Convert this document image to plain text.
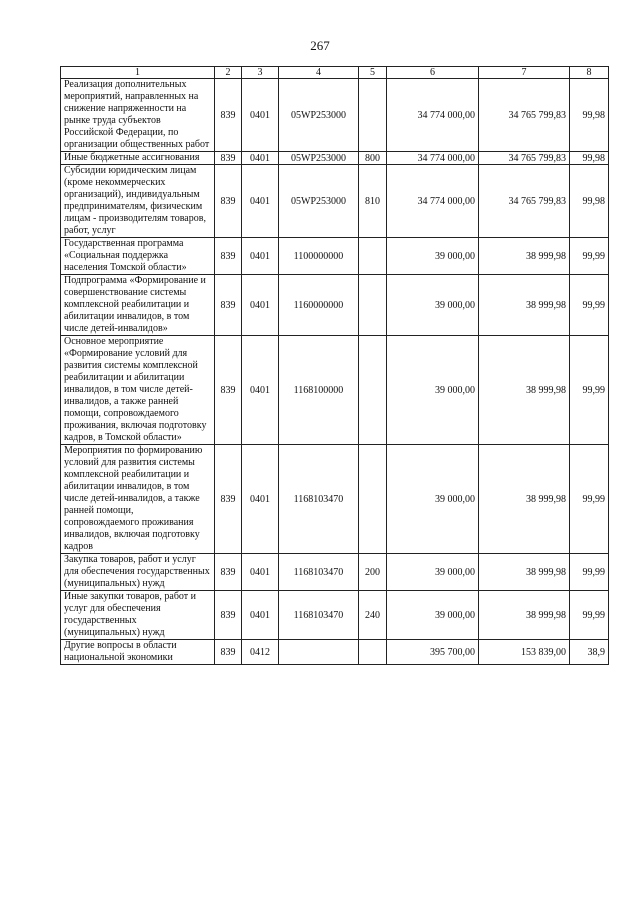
267
1	2	3	4	5	6	7	8
Реализация дополнительных мероприятий, направленных на снижение напряженности на рынке труда субъектов Российской Федерации, по организации общественных работ	839	0401	05WP253000		34 774 000,00	34 765 799,83	99,98
Иные бюджетные ассигнования	839	0401	05WP253000	800	34 774 000,00	34 765 799,83	99,98
Субсидии юридическим лицам (кроме некоммерческих организаций), индивидуальным предпринимателям, физическим лицам - производителям товаров, работ, услуг	839	0401	05WP253000	810	34 774 000,00	34 765 799,83	99,98
Государственная программа «Социальная поддержка населения Томской области»	839	0401	1100000000		39 000,00	38 999,98	99,99
Подпрограмма «Формирование и совершенствование системы комплексной реабилитации и абилитации инвалидов, в том числе детей-инвалидов»	839	0401	1160000000		39 000,00	38 999,98	99,99
Основное мероприятие «Формирование условий для развития системы комплексной реабилитации и абилитации инвалидов, в том числе детей-инвалидов, а также ранней помощи, сопровождаемого проживания, включая подготовку кадров, в Томской области»	839	0401	1168100000		39 000,00	38 999,98	99,99
Мероприятия по формированию условий для развития системы комплексной реабилитации и абилитации инвалидов, в том числе детей-инвалидов, а также ранней помощи, сопровождаемого проживания инвалидов, включая подготовку кадров	839	0401	1168103470		39 000,00	38 999,98	99,99
Закупка товаров, работ и услуг для обеспечения государственных (муниципальных) нужд	839	0401	1168103470	200	39 000,00	38 999,98	99,99
Иные закупки товаров, работ и услуг для обеспечения государственных (муниципальных) нужд	839	0401	1168103470	240	39 000,00	38 999,98	99,99
Другие вопросы в области национальной экономики	839	0412			395 700,00	153 839,00	38,9
